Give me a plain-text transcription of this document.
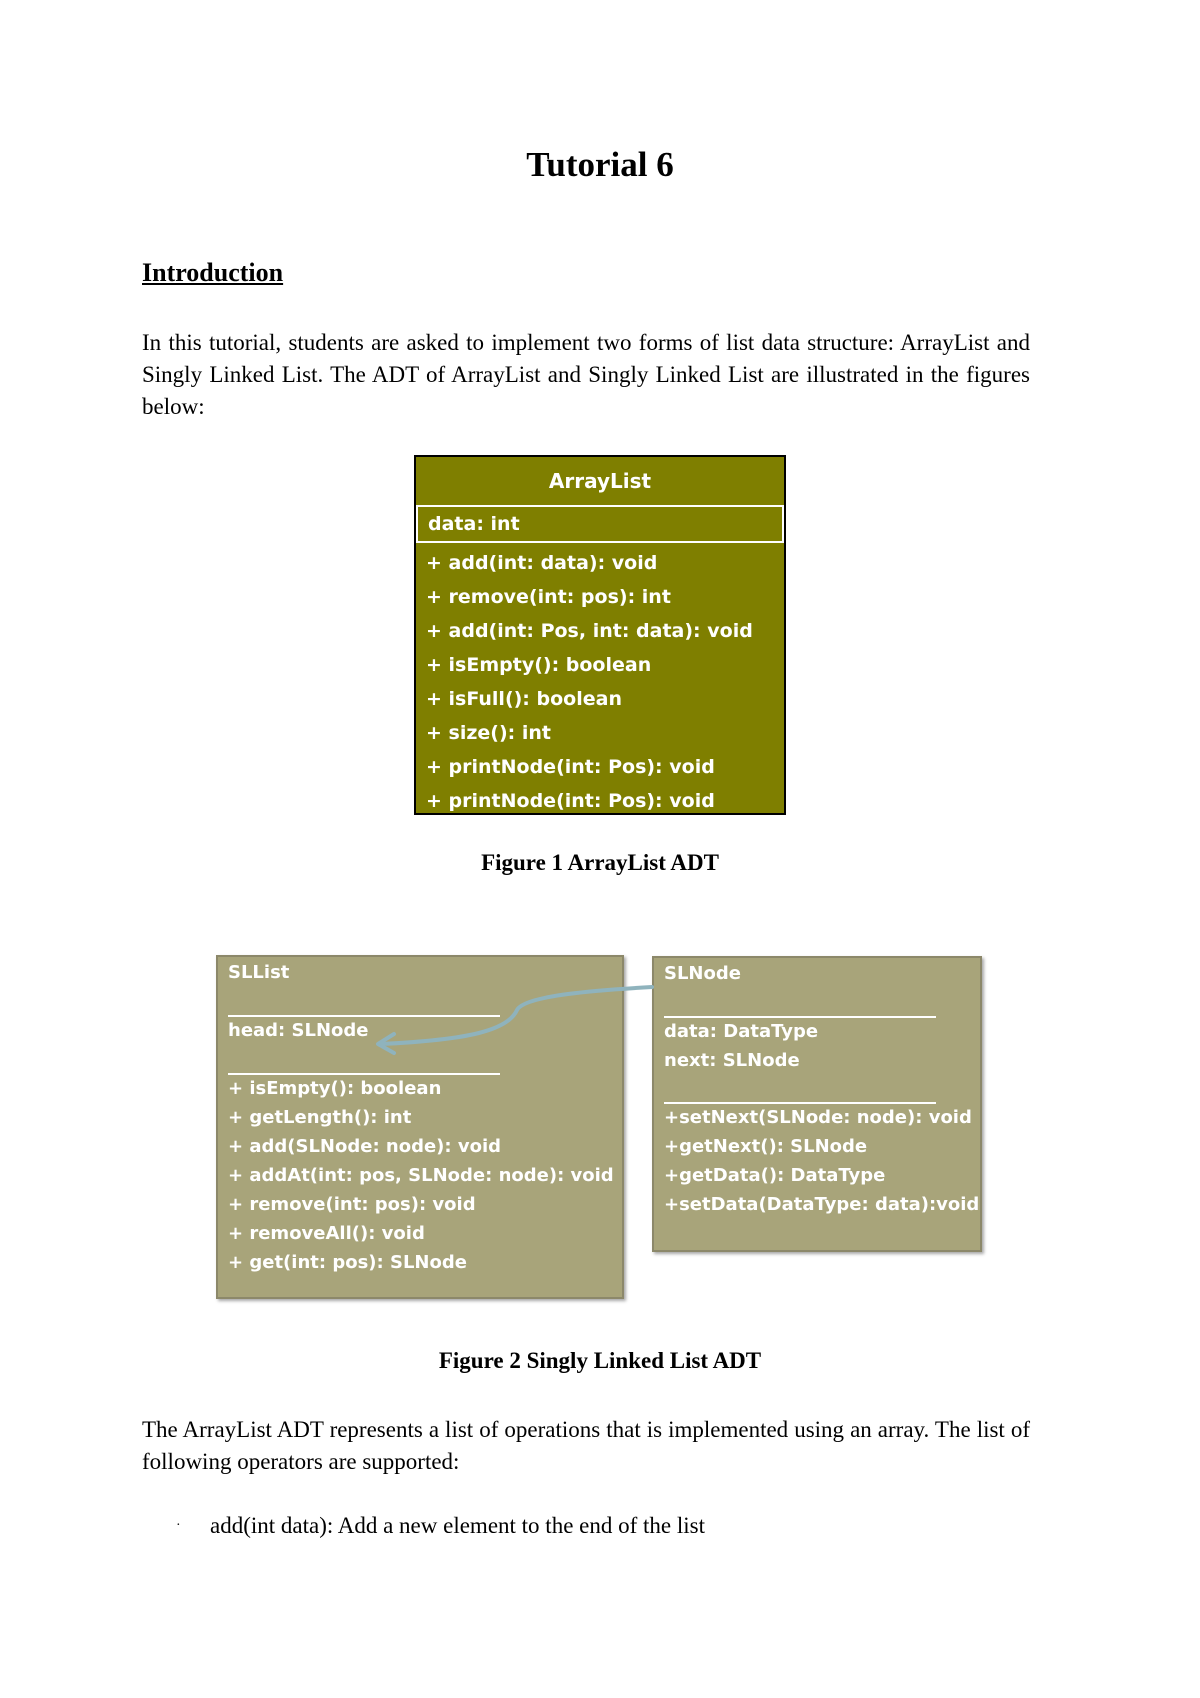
Tutorial 6
Introduction
In this tutorial, students are asked to implement two forms of list data structure: ArrayList and Singly Linked List. The ADT of ArrayList and Singly Linked List are illustrated in the figures below:
ArrayList
data: int
+ add(int: data): void
+ remove(int: pos): int
+ add(int: Pos, int: data): void
+ isEmpty(): boolean
+ isFull(): boolean
+ size(): int
+ printNode(int: Pos): void
+ printNode(int: Pos): void
Figure 1 ArrayList ADT
SLList
head: SLNode
+ isEmpty(): boolean
+ getLength(): int
+ add(SLNode: node): void
+ addAt(int: pos, SLNode: node): void
+ remove(int: pos): void
+ removeAll(): void
+ get(int: pos): SLNode
SLNode
data: DataType
next: SLNode
+setNext(SLNode: node): void
+getNext(): SLNode
+getData(): DataType
+setData(DataType: data):void
Figure 2 Singly Linked List ADT
The ArrayList ADT represents a list of operations that is implemented using an array. The list of following operators are supported:
· add(int data): Add a new element to the end of the list
